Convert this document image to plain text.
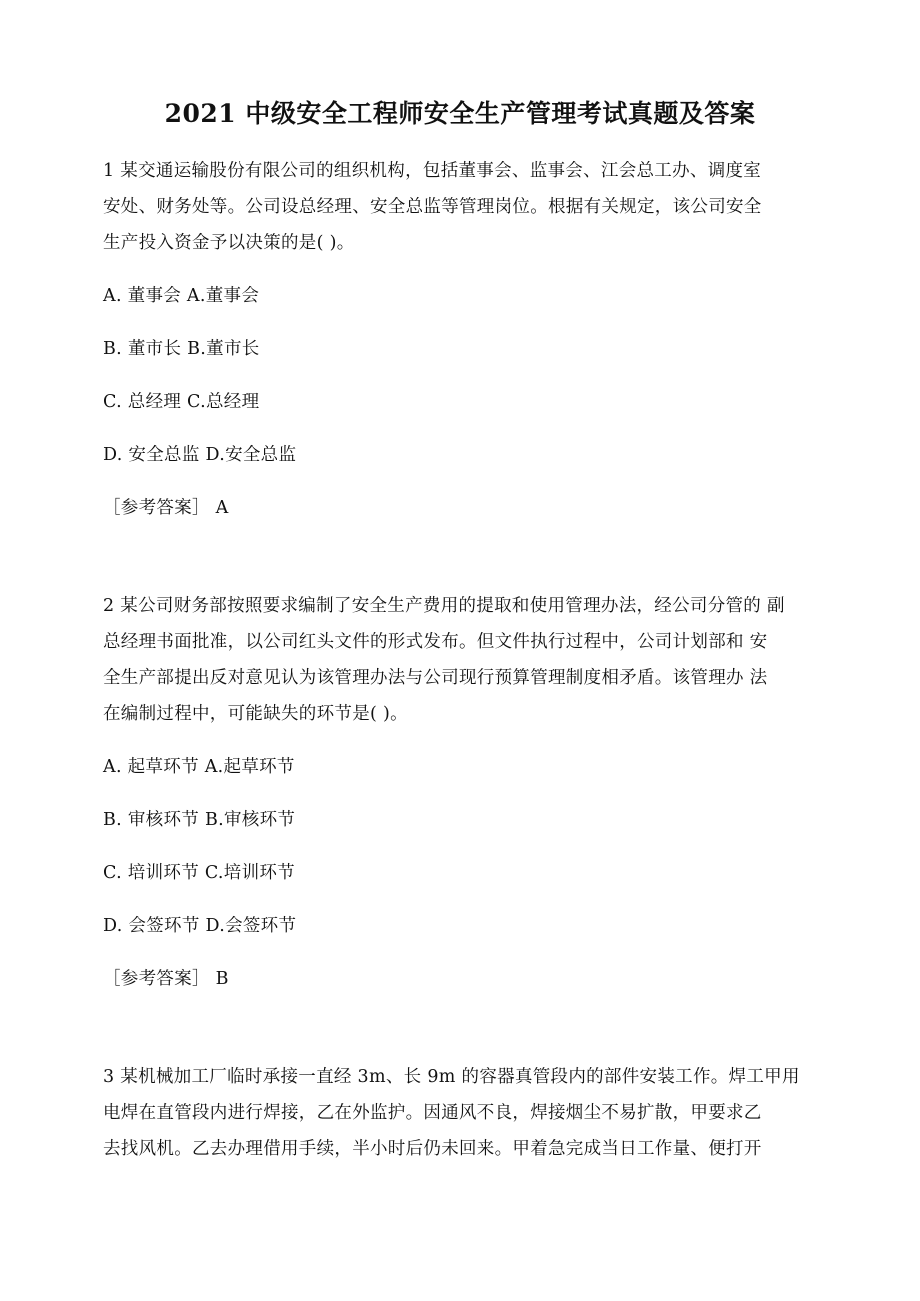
2021 中级安全工程师安全生产管理考试真题及答案
1 某交通运输股份有限公司的组织机构，包括董事会、监事会、江会总工办、调度室
安处、财务处等。公司设总经理、安全总监等管理岗位。根据有关规定，该公司安全
生产投入资金予以决策的是( )。
A. 董事会 A.董事会
B. 董市长 B.董市长
C. 总经理 C.总经理
D. 安全总监 D.安全总监
［参考答案］ A
2 某公司财务部按照要求编制了安全生产费用的提取和使用管理办法，经公司分管的 副
总经理书面批准，以公司红头文件的形式发布。但文件执行过程中，公司计划部和 安
全生产部提出反对意见认为该管理办法与公司现行预算管理制度相矛盾。该管理办 法
在编制过程中，可能缺失的环节是( )。
A. 起草环节 A.起草环节
B. 审核环节 B.审核环节
C. 培训环节 C.培训环节
D. 会签环节 D.会签环节
［参考答案］ B
3 某机械加工厂临时承接一直经 3m、长 9m 的容器真管段内的部件安装工作。焊工甲用
电焊在直管段内进行焊接，乙在外监护。因通风不良，焊接烟尘不易扩散，甲要求乙
去找风机。乙去办理借用手续，半小时后仍未回来。甲着急完成当日工作量、便打开
